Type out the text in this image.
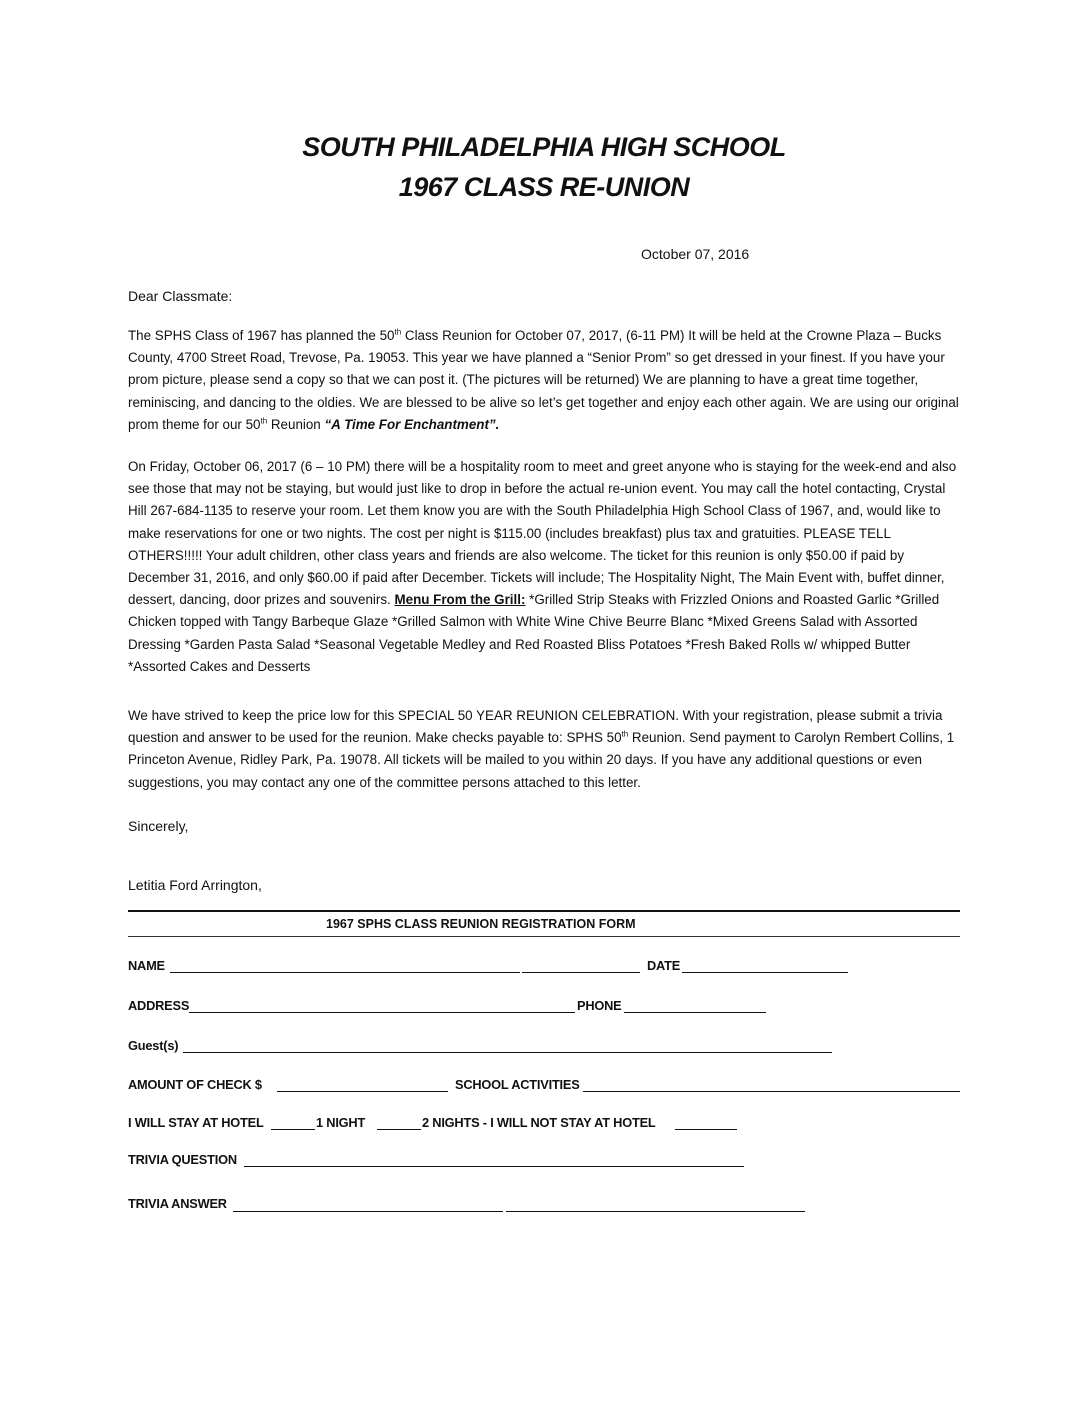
SOUTH PHILADELPHIA HIGH SCHOOL
1967 CLASS RE-UNION
October 07, 2016
Dear Classmate:

The SPHS Class of 1967 has planned the 50th Class Reunion for October 07, 2017, (6-11 PM) It will be held at the Crowne Plaza – Bucks County, 4700 Street Road, Trevose, Pa. 19053. This year we have planned a “Senior Prom” so get dressed in your finest. If you have your prom picture, please send a copy so that we can post it. (The pictures will be returned) We are planning to have a great time together, reminiscing, and dancing to the oldies. We are blessed to be alive so let’s get together and enjoy each other again. We are using our original prom theme for our 50th Reunion “A Time For Enchantment”.

On Friday, October 06, 2017 (6 – 10 PM) there will be a hospitality room to meet and greet anyone who is staying for the week-end and also see those that may not be staying, but would just like to drop in before the actual re-union event. You may call the hotel contacting, Crystal Hill 267-684-1135 to reserve your room. Let them know you are with the South Philadelphia High School Class of 1967, and, would like to make reservations for one or two nights. The cost per night is $115.00 (includes breakfast) plus tax and gratuities. PLEASE TELL OTHERS!!!!! Your adult children, other class years and friends are also welcome. The ticket for this reunion is only $50.00 if paid by December 31, 2016, and only $60.00 if paid after December. Tickets will include; The Hospitality Night, The Main Event with, buffet dinner, dessert, dancing, door prizes and souvenirs. Menu From the Grill: *Grilled Strip Steaks with Frizzled Onions and Roasted Garlic *Grilled Chicken topped with Tangy Barbeque Glaze *Grilled Salmon with White Wine Chive Beurre Blanc *Mixed Greens Salad with Assorted Dressing *Garden Pasta Salad *Seasonal Vegetable Medley and Red Roasted Bliss Potatoes *Fresh Baked Rolls w/ whipped Butter *Assorted Cakes and Desserts

We have strived to keep the price low for this SPECIAL 50 YEAR REUNION CELEBRATION. With your registration, please submit a trivia question and answer to be used for the reunion. Make checks payable to: SPHS 50th Reunion. Send payment to Carolyn Rembert Collins, 1 Princeton Avenue, Ridley Park, Pa. 19078. All tickets will be mailed to you within 20 days. If you have any additional questions or even suggestions, you may contact any one of the committee persons attached to this letter.

Sincerely,
Letitia Ford Arrington,
1967 SPHS CLASS REUNION REGISTRATION FORM
NAME	DATE
ADDRESS	PHONE
Guest(s)
AMOUNT OF CHECK $	SCHOOL ACTIVITIES
I WILL STAY AT HOTEL	1 NIGHT	2 NIGHTS - I WILL NOT STAY AT HOTEL
TRIVIA QUESTION
TRIVIA ANSWER
